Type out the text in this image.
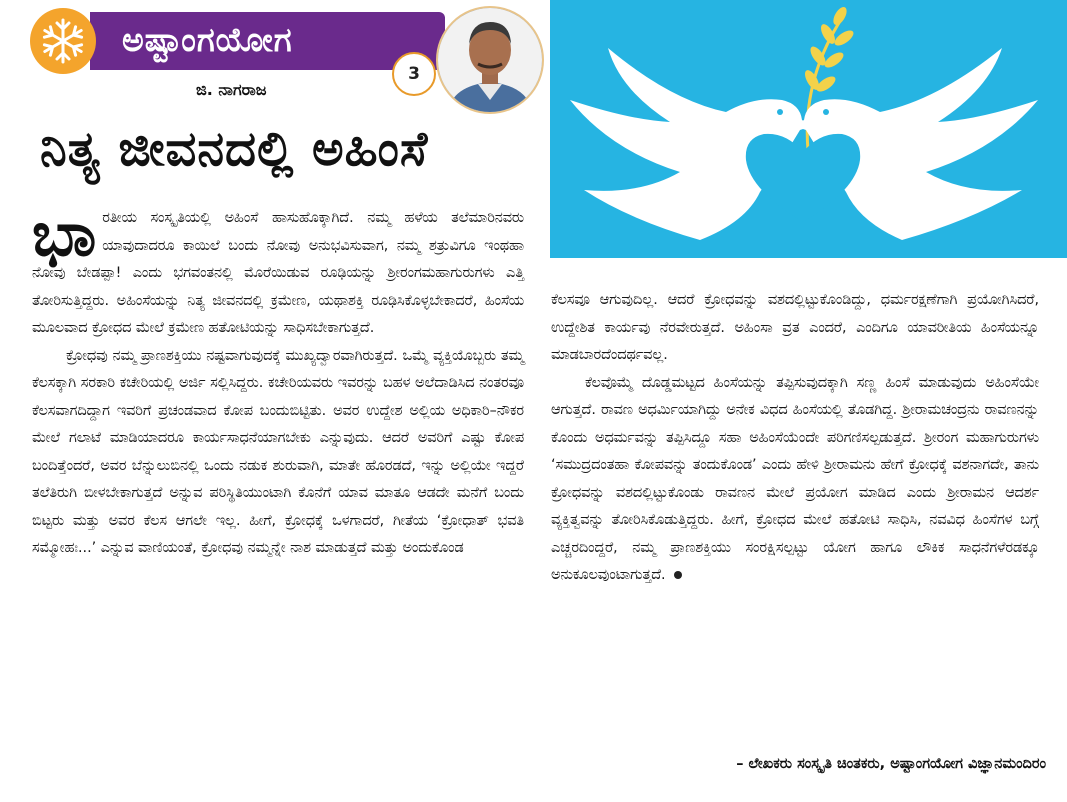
ಅಷ್ಟಾಂಗಯೋಗ
3
ಜಿ. ನಾಗರಾಜ
ನಿತ್ಯ ಜೀವನದಲ್ಲಿ ಅಹಿಂಸೆ

ಭಾರತೀಯ ಸಂಸ್ಕೃತಿಯಲ್ಲಿ ಅಹಿಂಸೆ ಹಾಸುಹೊಕ್ಕಾಗಿದೆ. ನಮ್ಮ ಹಳೆಯ ತಲೆಮಾರಿನವರು ಯಾವುದಾದರೂ ಕಾಯಿಲೆ ಬಂದು ನೋವು ಅನುಭವಿಸುವಾಗ, ನಮ್ಮ ಶತ್ರುವಿಗೂ ಇಂಥಹಾ ನೋವು ಬೇಡಪ್ಪಾ! ಎಂದು ಭಗವಂತನಲ್ಲಿ ಮೊರೆಯಿಡುವ ರೂಢಿಯನ್ನು ಶ್ರೀರಂಗಮಹಾಗುರುಗಳು ಎತ್ತಿ ತೋರಿಸುತ್ತಿದ್ದರು. ಅಹಿಂಸೆಯನ್ನು ನಿತ್ಯ ಜೀವನದಲ್ಲಿ ಕ್ರಮೇಣ, ಯಥಾಶಕ್ತಿ ರೂಢಿಸಿಕೊಳ್ಳಬೇಕಾದರೆ, ಹಿಂಸೆಯ ಮೂಲವಾದ ಕ್ರೋಧದ ಮೇಲೆ ಕ್ರಮೇಣ ಹತೋಟಿಯನ್ನು ಸಾಧಿಸಬೇಕಾಗುತ್ತದೆ.

ಕ್ರೋಧವು ನಮ್ಮ ಪ್ರಾಣಶಕ್ತಿಯು ನಷ್ಟವಾಗುವುದಕ್ಕೆ ಮುಖ್ಯದ್ವಾರವಾಗಿರುತ್ತದೆ. ಒಮ್ಮೆ ವ್ಯಕ್ತಿಯೊಬ್ಬರು ತಮ್ಮ ಕೆಲಸಕ್ಕಾಗಿ ಸರಕಾರಿ ಕಚೇರಿಯಲ್ಲಿ ಅರ್ಜಿ ಸಲ್ಲಿಸಿದ್ದರು. ಕಚೇರಿಯವರು ಇವರನ್ನು ಬಹಳ ಅಲೆದಾಡಿಸಿದ ನಂತರವೂ ಕೆಲಸವಾಗದಿದ್ದಾಗ ಇವರಿಗೆ ಪ್ರಚಂಡವಾದ ಕೋಪ ಬಂದುಬಿಟ್ಟಿತು. ಅವರ ಉದ್ದೇಶ ಅಲ್ಲಿಯ ಅಧಿಕಾರಿ–ನೌಕರ ಮೇಲೆ ಗಲಾಟೆ ಮಾಡಿಯಾದರೂ ಕಾರ್ಯಸಾಧನೆಯಾಗಬೇಕು ಎನ್ನುವುದು. ಆದರೆ ಅವರಿಗೆ ಎಷ್ಟು ಕೋಪ ಬಂದಿತ್ತೆಂದರೆ, ಅವರ ಬೆನ್ನುಲುಬಿನಲ್ಲಿ ಒಂದು ನಡುಕ ಶುರುವಾಗಿ, ಮಾತೇ ಹೊರಡದೆ, ಇನ್ನು ಅಲ್ಲಿಯೇ ಇದ್ದರೆ ತಲೆತಿರುಗಿ ಬೀಳಬೇಕಾಗುತ್ತದೆ ಅನ್ನುವ ಪರಿಸ್ಥಿತಿಯುಂಟಾಗಿ ಕೊನೆಗೆ ಯಾವ ಮಾತೂ ಆಡದೇ ಮನೆಗೆ ಬಂದು ಬಿಟ್ಟರು ಮತ್ತು ಅವರ ಕೆಲಸ ಆಗಲೇ ಇಲ್ಲ. ಹೀಗೆ, ಕ್ರೋಧಕ್ಕೆ ಒಳಗಾದರೆ, ಗೀತೆಯ ‘ಕ್ರೋಧಾತ್ ಭವತಿ ಸಮ್ಮೋಹಃ...’ ಎನ್ನುವ ವಾಣಿಯಂತೆ, ಕ್ರೋಧವು ನಮ್ಮನ್ನೇ ನಾಶ ಮಾಡುತ್ತದೆ ಮತ್ತು ಅಂದುಕೊಂಡ

ಕೆಲಸವೂ ಆಗುವುದಿಲ್ಲ. ಆದರೆ ಕ್ರೋಧವನ್ನು ವಶದಲ್ಲಿಟ್ಟುಕೊಂಡಿದ್ದು, ಧರ್ಮರಕ್ಷಣೆಗಾಗಿ ಪ್ರಯೋಗಿಸಿದರೆ, ಉದ್ದೇಶಿತ ಕಾರ್ಯವು ನೆರವೇರುತ್ತದೆ. ಅಹಿಂಸಾ ವ್ರತ ಎಂದರೆ, ಎಂದಿಗೂ ಯಾವರೀತಿಯ ಹಿಂಸೆಯನ್ನೂ ಮಾಡಬಾರದೆಂದರ್ಥವಲ್ಲ.

ಕೆಲವೊಮ್ಮೆ ದೊಡ್ಡಮಟ್ಟದ ಹಿಂಸೆಯನ್ನು ತಪ್ಪಿಸುವುದಕ್ಕಾಗಿ ಸಣ್ಣ ಹಿಂಸೆ ಮಾಡುವುದು ಅಹಿಂಸೆಯೇ ಆಗುತ್ತದೆ. ರಾವಣ ಅಧರ್ಮಿಯಾಗಿದ್ದು ಅನೇಕ ವಿಧದ ಹಿಂಸೆಯಲ್ಲಿ ತೊಡಗಿದ್ದ. ಶ್ರೀರಾಮಚಂದ್ರನು ರಾವಣನನ್ನು ಕೊಂದು ಅಧರ್ಮವನ್ನು ತಪ್ಪಿಸಿದ್ದೂ ಸಹಾ ಅಹಿಂಸೆಯೆಂದೇ ಪರಿಗಣಿಸಲ್ಪಡುತ್ತದೆ. ಶ್ರೀರಂಗ ಮಹಾಗುರುಗಳು ‘ಸಮುದ್ರದಂತಹಾ ಕೋಪವನ್ನು ತಂದುಕೊಂಡ’ ಎಂದು ಹೇಳಿ ಶ್ರೀರಾಮನು ಹೇಗೆ ಕ್ರೋಧಕ್ಕೆ ವಶನಾಗದೇ, ತಾನು ಕ್ರೋಧವನ್ನು ವಶದಲ್ಲಿಟ್ಟುಕೊಂಡು ರಾವಣನ ಮೇಲೆ ಪ್ರಯೋಗ ಮಾಡಿದ ಎಂದು ಶ್ರೀರಾಮನ ಆದರ್ಶ ವ್ಯಕ್ತಿತ್ವವನ್ನು ತೋರಿಸಿಕೊಡುತ್ತಿದ್ದರು. ಹೀಗೆ, ಕ್ರೋಧದ ಮೇಲೆ ಹತೋಟಿ ಸಾಧಿಸಿ, ನವವಿಧ ಹಿಂಸೆಗಳ ಬಗ್ಗೆ ಎಚ್ಚರದಿಂದ್ದರೆ, ನಮ್ಮ ಪ್ರಾಣಶಕ್ತಿಯು ಸಂರಕ್ಷಿಸಲ್ಪಟ್ಟು ಯೋಗ ಹಾಗೂ ಲೌಕಿಕ ಸಾಧನೆಗಳೆರಡಕ್ಕೂ ಅನುಕೂಲವುಂಟಾಗುತ್ತದೆ.

– ಲೇಖಕರು ಸಂಸ್ಕೃತಿ ಚಿಂತಕರು, ಅಷ್ಟಾಂಗಯೋಗ ವಿಜ್ಞಾನಮಂದಿರಂ
